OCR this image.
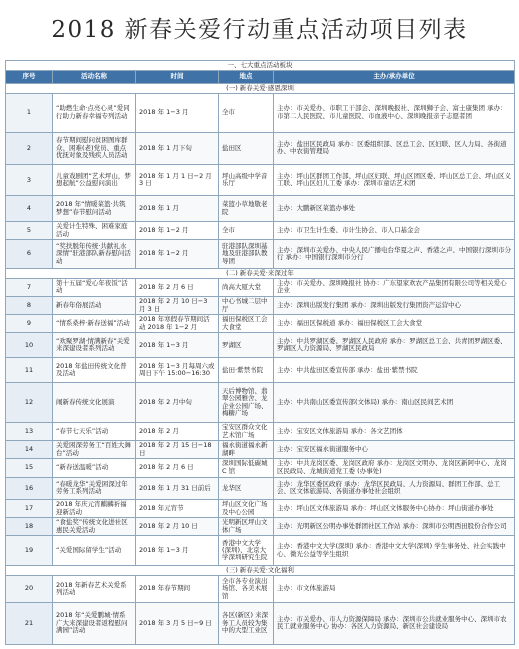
2018 新春关爱行动重点活动项目列表
一、七大重点活动板块				
序号	活动名称	时间	地点	主办/承办单位
(一) 新春关爱·感恩深圳				
1	“助燃生命·点亮心灵”爱同行助力新春幸福专列活动	2018 年 1−3 月	全市	主办：市关爱办、市职工干部会、深圳晚报社、深圳狮子会、富士康集团 承办：市第二人民医院、市儿童医院、市血液中心、深圳晚报亲子志愿者团
2	春节期间慰问贫困图库群众、困难(老)党员、重点优抚对象及残疾人员活动	2018 年 1 月下旬	盐田区	主办：盐田区民政局 承办：区委组织部、区总工会、区妇联、区人力局、各街道办、中农街管理局
3	儿童戏剧团“艺术坪山，梦想起航”公益慰问演出	2018 年 1 月 1 日−2 月 3 日	坪山高级中学音乐厅	主办：坪山区群团工作部、坪山区妇联、坪山区团区委、坪山区总工会、坪山区义工联、坪山区妇儿工委 承办：深圳市童话艺术团
4	2018 年“情暖菜篮·共筑梦想”春节慰问活动	2018 年 1 月	菜篮小草地敬老院	主办：大鹏新区菜篮办事处
5	关爱计生特殊、困难家庭活动	2018 年 1−2 月	全市	主办：市卫生计生委、市计生协会、市人口基金会
6	“奖扶脱年传统·共献礼水深情”驻港部队新春慰问活动	2018 年 1−2 月	驻港部队深圳基地及驻港部队教导团	主办：深圳市关爱办、中央人民广播电台华夏之声、香港之声、中国银行深圳市分行 承办：中国银行深圳市分行
(二) 新春关爱·来深过年				
7	第十五届“爱心年夜饭”活动	2018 年 2 月 6 日	尚高大厦大堂	主办：市关爱办、深圳晚报社 协办：广东望家欢农产品集团有限公司等相关爱心企业
8	新春年俗展活动	2018 年 2 月 10 日−3 月 3 日	中心书城二层中厅	主办：深圳出版发行集团 承办：深圳出版发行集团资产运营中心
9	“情系桑梓·新春送福”活动	2018 年寒假春节期间活动 2018 年 1−2 月	福田保税区工会大食堂	主办：福田区保税道 承办：福田保税区工会大食堂
10	“欢聚罗湖·情满新春”关爱来深建设者系列活动	2018 年 1−3 月	罗湖区	主办：中共罗湖区委、罗湖区人民政府 承办：罗湖区总工会、共青团罗湖区委、罗湖区人力资源局、罗湖区民政局
11	2018 年盐田传统文化普及活动	2018 年 1−3 月每周六或周日下午 15:00−16:30	盐田·紫禁书院	主办：中共盐田区委宣传部 承办：盐田·紫禁书院
12	闹新春传统文化展演	2018 年 2 月中旬	天后博物馆、翡翠公园雅舍、龙企业公园广场、梅糖广场	主办：中共南山区委宣传部(文体局) 承办：南山区民间艺术团
13	“春节七天乐”活动	2018 年 2 月	宝安区群众文化艺术馆广场	主办：宝安区文体旅游局 承办：各文艺团体
14	关爱困深劳务工“百姓大舞台”活动	2018 年 2 月 15 日−18 日	福永街道福永新湖畔	主办：宝安区福永街道服务中心
15	“新春送温暖”活动	2018 年 2 月 6 日	深圳国际低碳城 C 馆	主办：中共龙岗区委、龙岗区政府 承办：龙岗区文明办、龙岗区新阿中心、龙岗区民政局、龙城街道党工委 (办事处)
16	“春暖龙华”关爱困深过年劳务工系列活动	2018 年 1 月 31 日前后	龙华区	主办：龙华区委区政府 承办：龙华区民政局、人力资源局、群团工作部、总工会、区文体旅游局、各街道办事处社会组织
17	2018 年庆元宵麒麟祈福迎新活动	2018 年元宵节	坪山区文化广场及中心公园	主办：坪山区文体旅游局 承办：坪山区文体服务中心协办：坪山街道办事处
18	“食盐奖”传统文化进社区惠民关爱活动	2018 年 2 月 10 日	光明新区坪山文体广场	主办：光明新区公明办事处群团社区工作站 承办：深圳市公明西田股份合作公司
19	“关爱国际留学生”活动	2018 年 1−3 月	香港中文大学(深圳)、北京大学深圳研究生院	主办：香港中文大学(深圳) 承办：香港中文大学(深圳) 学生事务处、社会实践中心、微光公益等学生组织
(三) 新春关爱·文化福利				
20	2018 年新春艺术关爱系列活动	2018 年春节期间	全市各专业演出场馆、各美术展馆	主办：市文体旅游局
21	2018 年“关爱鹏城·情系广大来深建设者返程慰问满园”活动	2018 年 3 月 5 日−9 日	各区(新区) 来深务工人员较为集中的大型工业区	主办：市关爱办、市人力资源保障局 承办：深圳市公共就业服务中心、深圳市农民工就业服务中心 协办：各区人力资源局、新区社会建设局
